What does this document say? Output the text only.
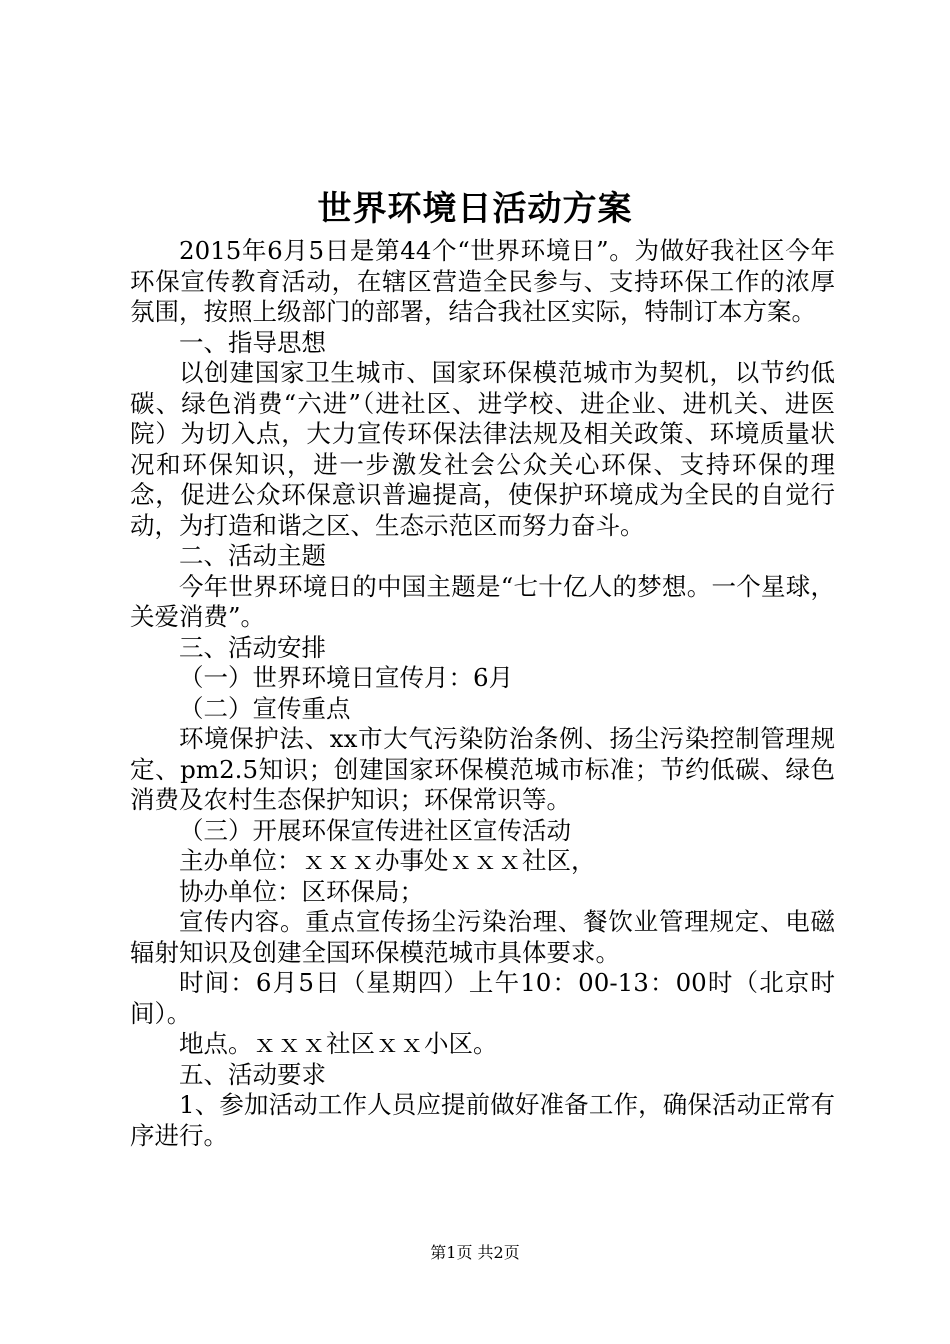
世界环境日活动方案

2015年6月5日是第44个“世界环境日”。为做好我社区今年环保宣传教育活动，在辖区营造全民参与、支持环保工作的浓厚氛围，按照上级部门的部署，结合我社区实际，特制订本方案。

一、指导思想

以创建国家卫生城市、国家环保模范城市为契机，以节约低碳、绿色消费“六进”（进社区、进学校、进企业、进机关、进医院）为切入点，大力宣传环保法律法规及相关政策、环境质量状况和环保知识，进一步激发社会公众关心环保、支持环保的理念，促进公众环保意识普遍提高，使保护环境成为全民的自觉行动，为打造和谐之区、生态示范区而努力奋斗。

二、活动主题

今年世界环境日的中国主题是“七十亿人的梦想。一个星球，关爱消费”。

三、活动安排

（一）世界环境日宣传月：6月

（二）宣传重点

环境保护法、xx市大气污染防治条例、扬尘污染控制管理规定、pm2.5知识；创建国家环保模范城市标准；节约低碳、绿色消费及农村生态保护知识；环保常识等。

（三）开展环保宣传进社区宣传活动

主办单位：ｘｘｘ办事处ｘｘｘ社区，

协办单位：区环保局；

宣传内容。重点宣传扬尘污染治理、餐饮业管理规定、电磁辐射知识及创建全国环保模范城市具体要求。

时间：6月5日（星期四）上午10：00-13：00时（北京时间）。

地点。ｘｘｘ社区ｘｘ小区。

五、活动要求

1、参加活动工作人员应提前做好准备工作，确保活动正常有序进行。

第1页 共2页
